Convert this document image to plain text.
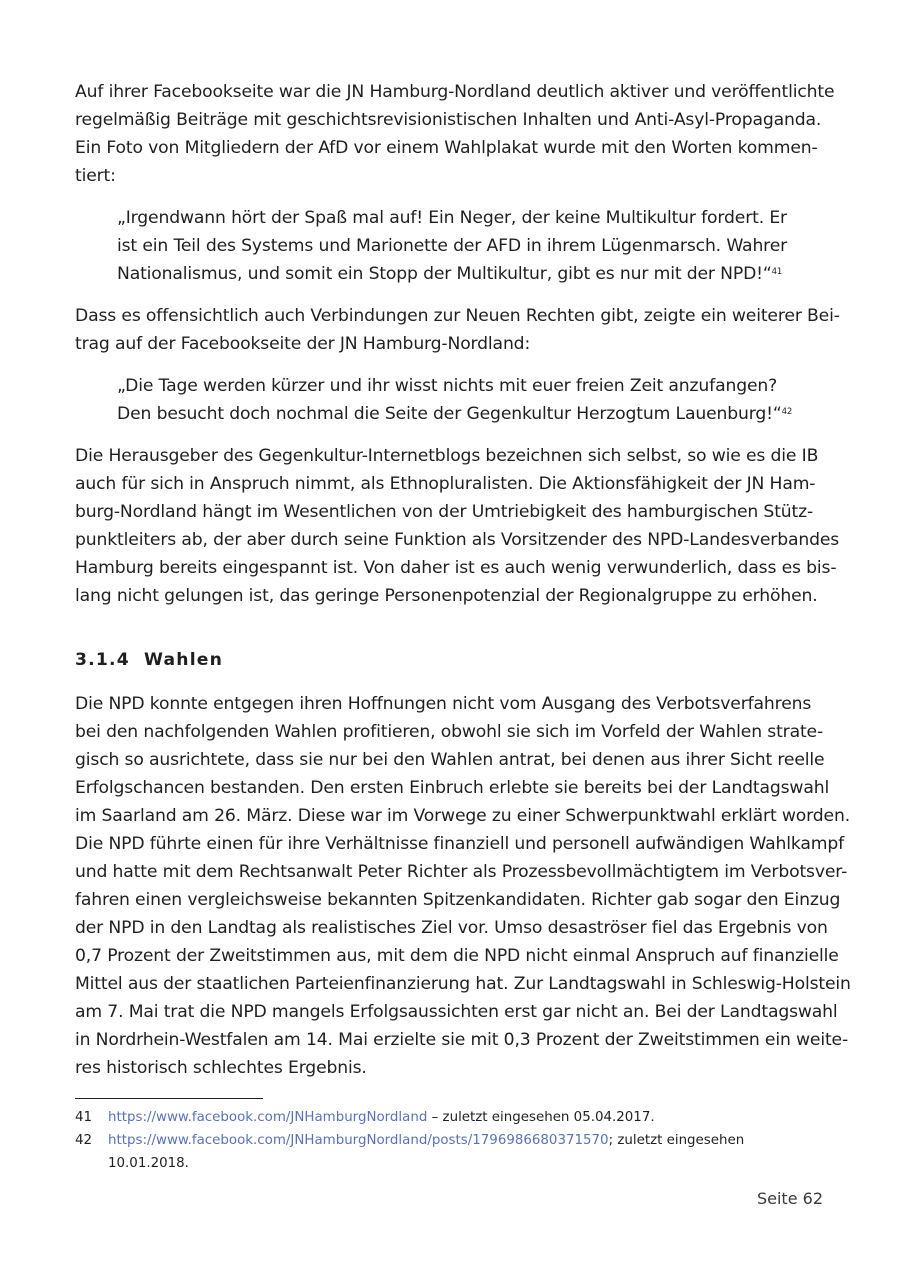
Auf ihrer Facebookseite war die JN Hamburg-Nordland deutlich aktiver und veröffentlichte

regelmäßig Beiträge mit geschichtsrevisionistischen Inhalten und Anti-Asyl-Propaganda.

Ein Foto von Mitgliedern der AfD vor einem Wahlplakat wurde mit den Worten kommen-

tiert:

„Irgendwann hört der Spaß mal auf! Ein Neger, der keine Multikultur fordert. Er

ist ein Teil des Systems und Marionette der AFD in ihrem Lügenmarsch. Wahrer

Nationalismus, und somit ein Stopp der Multikultur, gibt es nur mit der NPD!“$^{41}$

Dass es offensichtlich auch Verbindungen zur Neuen Rechten gibt, zeigte ein weiterer Bei-

trag auf der Facebookseite der JN Hamburg-Nordland:

„Die Tage werden kürzer und ihr wisst nichts mit euer freien Zeit anzufangen?

Den besucht doch nochmal die Seite der Gegenkultur Herzogtum Lauenburg!“$^{42}$

Die Herausgeber des Gegenkultur-Internetblogs bezeichnen sich selbst, so wie es die IB

auch für sich in Anspruch nimmt, als Ethnopluralisten. Die Aktionsfähigkeit der JN Ham-

burg-Nordland hängt im Wesentlichen von der Umtriebigkeit des hamburgischen Stütz-

punktleiters ab, der aber durch seine Funktion als Vorsitzender des NPD-Landesverbandes

Hamburg bereits eingespannt ist. Von daher ist es auch wenig verwunderlich, dass es bis-

lang nicht gelungen ist, das geringe Personenpotenzial der Regionalgruppe zu erhöhen.

3.1.4 Wahlen

Die NPD konnte entgegen ihren Hoffnungen nicht vom Ausgang des Verbotsverfahrens

bei den nachfolgenden Wahlen profitieren, obwohl sie sich im Vorfeld der Wahlen strate-

gisch so ausrichtete, dass sie nur bei den Wahlen antrat, bei denen aus ihrer Sicht reelle

Erfolgschancen bestanden. Den ersten Einbruch erlebte sie bereits bei der Landtagswahl

im Saarland am 26. März. Diese war im Vorwege zu einer Schwerpunktwahl erklärt worden.

Die NPD führte einen für ihre Verhältnisse finanziell und personell aufwändigen Wahlkampf

und hatte mit dem Rechtsanwalt Peter Richter als Prozessbevollmächtigtem im Verbotsver-

fahren einen vergleichsweise bekannten Spitzenkandidaten. Richter gab sogar den Einzug

der NPD in den Landtag als realistisches Ziel vor. Umso desaströser fiel das Ergebnis von

0,7 Prozent der Zweitstimmen aus, mit dem die NPD nicht einmal Anspruch auf finanzielle

Mittel aus der staatlichen Parteienfinanzierung hat. Zur Landtagswahl in Schleswig-Holstein

am 7. Mai trat die NPD mangels Erfolgsaussichten erst gar nicht an. Bei der Landtagswahl

in Nordrhein-Westfalen am 14. Mai erzielte sie mit 0,3 Prozent der Zweitstimmen ein weite-

res historisch schlechtes Ergebnis.

41 https://www.facebook.com/JNHamburgNordland – zuletzt eingesehen 05.04.2017.
42 https://www.facebook.com/JNHamburgNordland/posts/1796986680371570; zuletzt eingesehen
10.01.2018.
Seite 62
